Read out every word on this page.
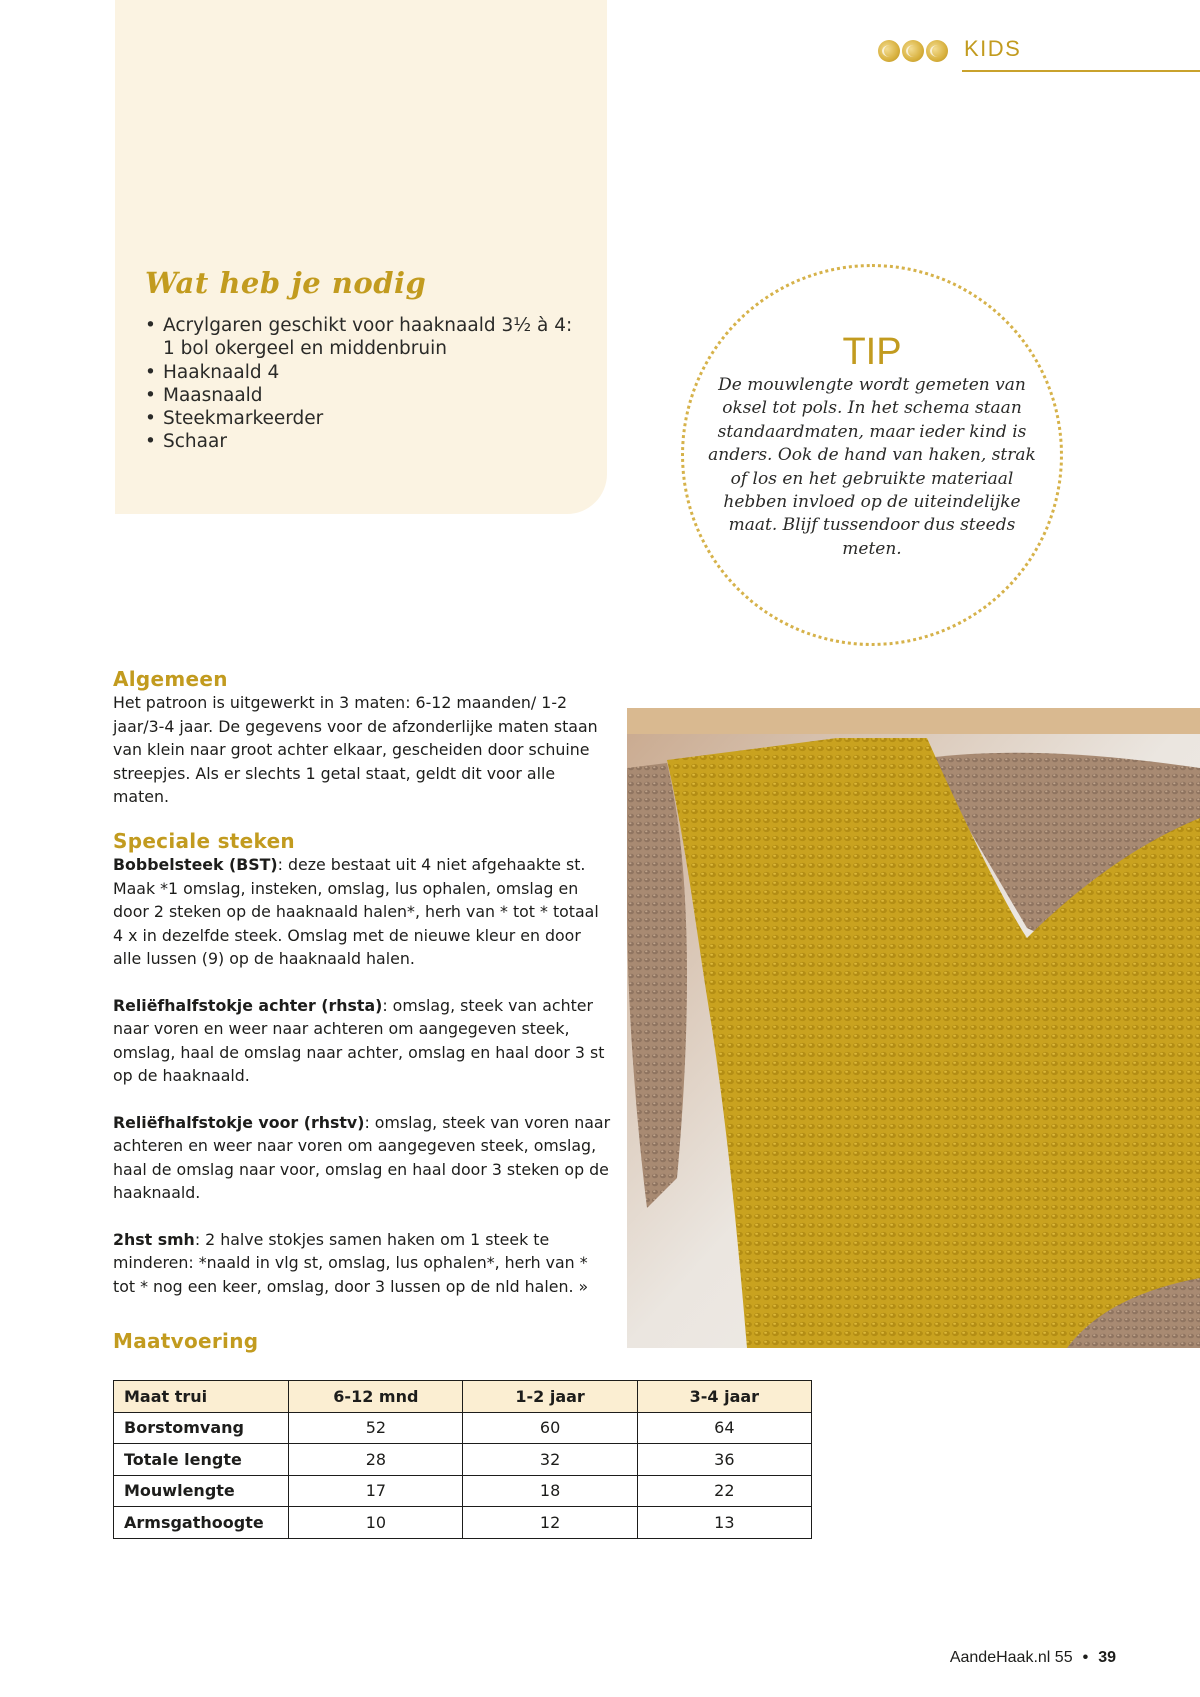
KIDS
Wat heb je nodig
• Acrylgaren geschikt voor haaknaald 3½ à 4: 1 bol okergeel en middenbruin
• Haaknaald 4
• Maasnaald
• Steekmarkeerder
• Schaar
TIP
De mouwlengte wordt gemeten van oksel tot pols. In het schema staan standaardmaten, maar ieder kind is anders. Ook de hand van haken, strak of los en het gebruikte materiaal hebben invloed op de uiteindelijke maat. Blijf tussendoor dus steeds meten.
Algemeen

Het patroon is uitgewerkt in 3 maten: 6-12 maanden/ 1-2 jaar/3-4 jaar. De gegevens voor de afzonderlijke maten staan van klein naar groot achter elkaar, gescheiden door schuine streepjes. Als er slechts 1 getal staat, geldt dit voor alle maten.

Speciale steken

Bobbelsteek (BST): deze bestaat uit 4 niet afgehaakte st. Maak *1 omslag, insteken, omslag, lus ophalen, omslag en door 2 steken op de haaknaald halen*, herh van * tot * totaal 4 x in dezelfde steek. Omslag met de nieuwe kleur en door alle lussen (9) op de haaknaald halen.

Reliëfhalfstokje achter (rhsta): omslag, steek van achter naar voren en weer naar achteren om aangegeven steek, omslag, haal de omslag naar achter, omslag en haal door 3 st op de haaknaald.

Reliëfhalfstokje voor (rhstv): omslag, steek van voren naar achteren en weer naar voren om aangegeven steek, omslag, haal de omslag naar voor, omslag en haal door 3 steken op de haaknaald.

2hst smh: 2 halve stokjes samen haken om 1 steek te minderen: *naald in vlg st, omslag, lus ophalen*, herh van * tot * nog een keer, omslag, door 3 lussen op de nld halen. »

Maatvoering
Maat trui	6-12 mnd	1-2 jaar	3-4 jaar
Borstomvang	52	60	64
Totale lengte	28	32	36
Mouwlengte	17	18	22
Armsgathoogte	10	12	13
AandeHaak.nl 55 • 39
